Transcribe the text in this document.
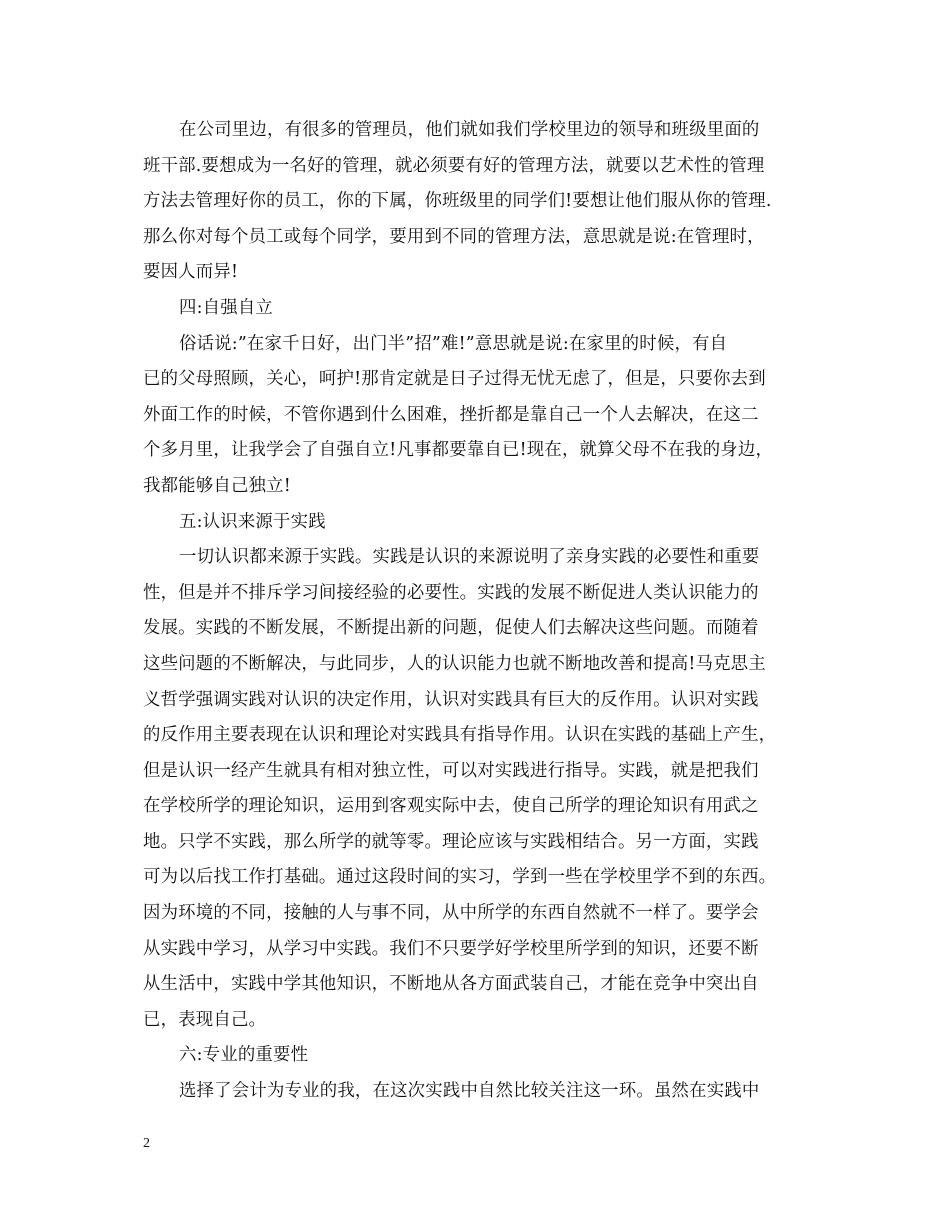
在公司里边，有很多的管理员，他们就如我们学校里边的领导和班级里面的
班干部.要想成为一名好的管理，就必须要有好的管理方法，就要以艺术性的管理
方法去管理好你的员工，你的下属，你班级里的同学们!要想让他们服从你的管理.
那么你对每个员工或每个同学，要用到不同的管理方法，意思就是说:在管理时，
要因人而异!
四:自强自立
俗话说:”在家千日好，出门半”招”难!”意思就是说:在家里的时候，有自
已的父母照顾，关心，呵护!那肯定就是日子过得无忧无虑了，但是，只要你去到
外面工作的时候，不管你遇到什么困难，挫折都是靠自己一个人去解决，在这二
个多月里，让我学会了自强自立!凡事都要靠自已!现在，就算父母不在我的身边，
我都能够自己独立!
五:认识来源于实践
一切认识都来源于实践。实践是认识的来源说明了亲身实践的必要性和重要
性，但是并不排斥学习间接经验的必要性。实践的发展不断促进人类认识能力的
发展。实践的不断发展，不断提出新的问题，促使人们去解决这些问题。而随着
这些问题的不断解决，与此同步，人的认识能力也就不断地改善和提高!马克思主
义哲学强调实践对认识的决定作用，认识对实践具有巨大的反作用。认识对实践
的反作用主要表现在认识和理论对实践具有指导作用。认识在实践的基础上产生，
但是认识一经产生就具有相对独立性，可以对实践进行指导。实践，就是把我们
在学校所学的理论知识，运用到客观实际中去，使自己所学的理论知识有用武之
地。只学不实践，那么所学的就等零。理论应该与实践相结合。另一方面，实践
可为以后找工作打基础。通过这段时间的实习，学到一些在学校里学不到的东西。
因为环境的不同，接触的人与事不同，从中所学的东西自然就不一样了。要学会
从实践中学习，从学习中实践。我们不只要学好学校里所学到的知识，还要不断
从生活中，实践中学其他知识，不断地从各方面武装自己，才能在竞争中突出自
已，表现自己。
六:专业的重要性
选择了会计为专业的我，在这次实践中自然比较关注这一环。虽然在实践中
2
